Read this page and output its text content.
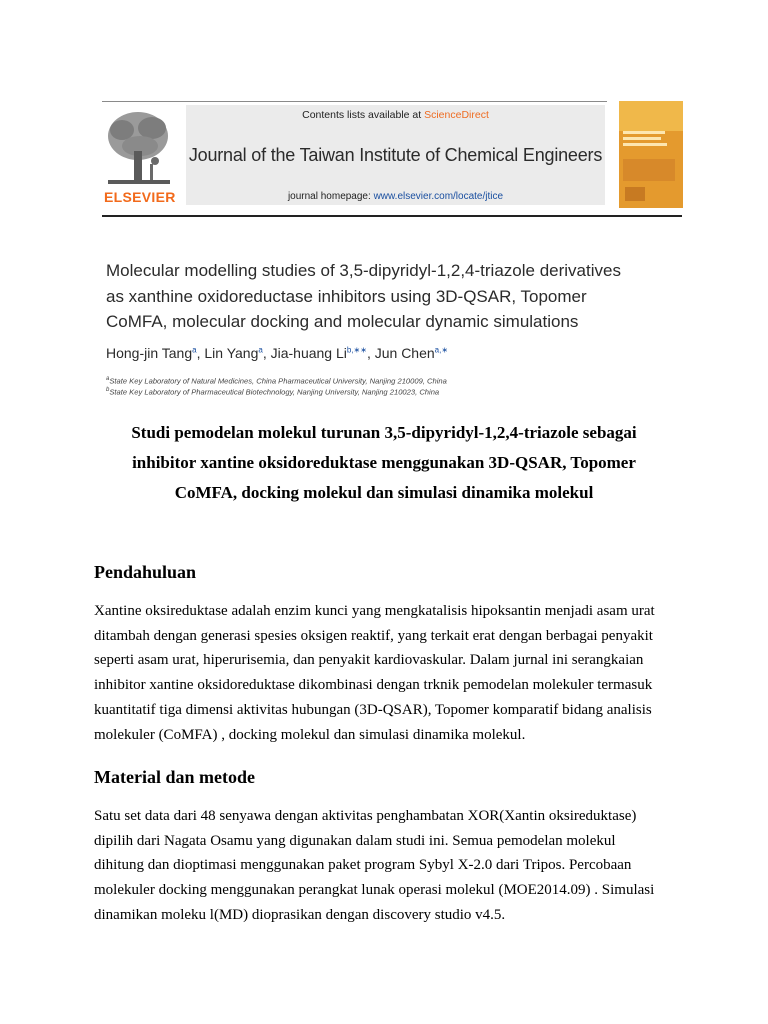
ELSEVIER
Contents lists available at ScienceDirect
Journal of the Taiwan Institute of Chemical Engineers
journal homepage: www.elsevier.com/locate/jtice
Molecular modelling studies of 3,5-dipyridyl-1,2,4-triazole derivatives
as xanthine oxidoreductase inhibitors using 3D-QSAR, Topomer
CoMFA, molecular docking and molecular dynamic simulations
Hong-jin Tang$^a$, Lin Yang$^a$, Jia-huang $Li^{b,∗∗}$, Jun Chen$^{a,∗}$
$^a$State Key Laboratory of Natural Medicines, China Pharmaceutical University, Nanjing 210009, China
$^b$State Key Laboratory of Pharmaceutical Biotechnology, Nanjing University, Nanjing 210023, China
Studi pemodelan molekul turunan 3,5-dipyridyl-1,2,4-triazole sebagai
inhibitor xantine oksidoreduktase menggunakan 3D-QSAR, Topomer
CoMFA, docking molekul dan simulasi dinamika molekul
Pendahuluan
Xantine oksireduktase adalah enzim kunci yang mengkatalisis hipoksantin menjadi asam urat
ditambah dengan generasi spesies oksigen reaktif, yang terkait erat dengan berbagai penyakit
seperti asam urat, hiperurisemia, dan penyakit kardiovaskular. Dalam jurnal ini serangkaian
inhibitor xantine oksidoreduktase dikombinasi dengan trknik pemodelan molekuler termasuk
kuantitatif tiga dimensi aktivitas hubungan (3D-QSAR), Topomer komparatif bidang analisis
molekuler (CoMFA) , docking molekul dan simulasi dinamika molekul.
Material dan metode
Satu set data dari 48 senyawa dengan aktivitas penghambatan XOR(Xantin oksireduktase)
dipilih dari Nagata Osamu yang digunakan dalam studi ini. Semua pemodelan molekul
dihitung dan dioptimasi menggunakan paket program Sybyl X-2.0 dari Tripos. Percobaan
molekuler docking menggunakan perangkat lunak operasi molekul (MOE2014.09) . Simulasi
dinamikan moleku l(MD) dioprasikan dengan discovery studio v4.5.
